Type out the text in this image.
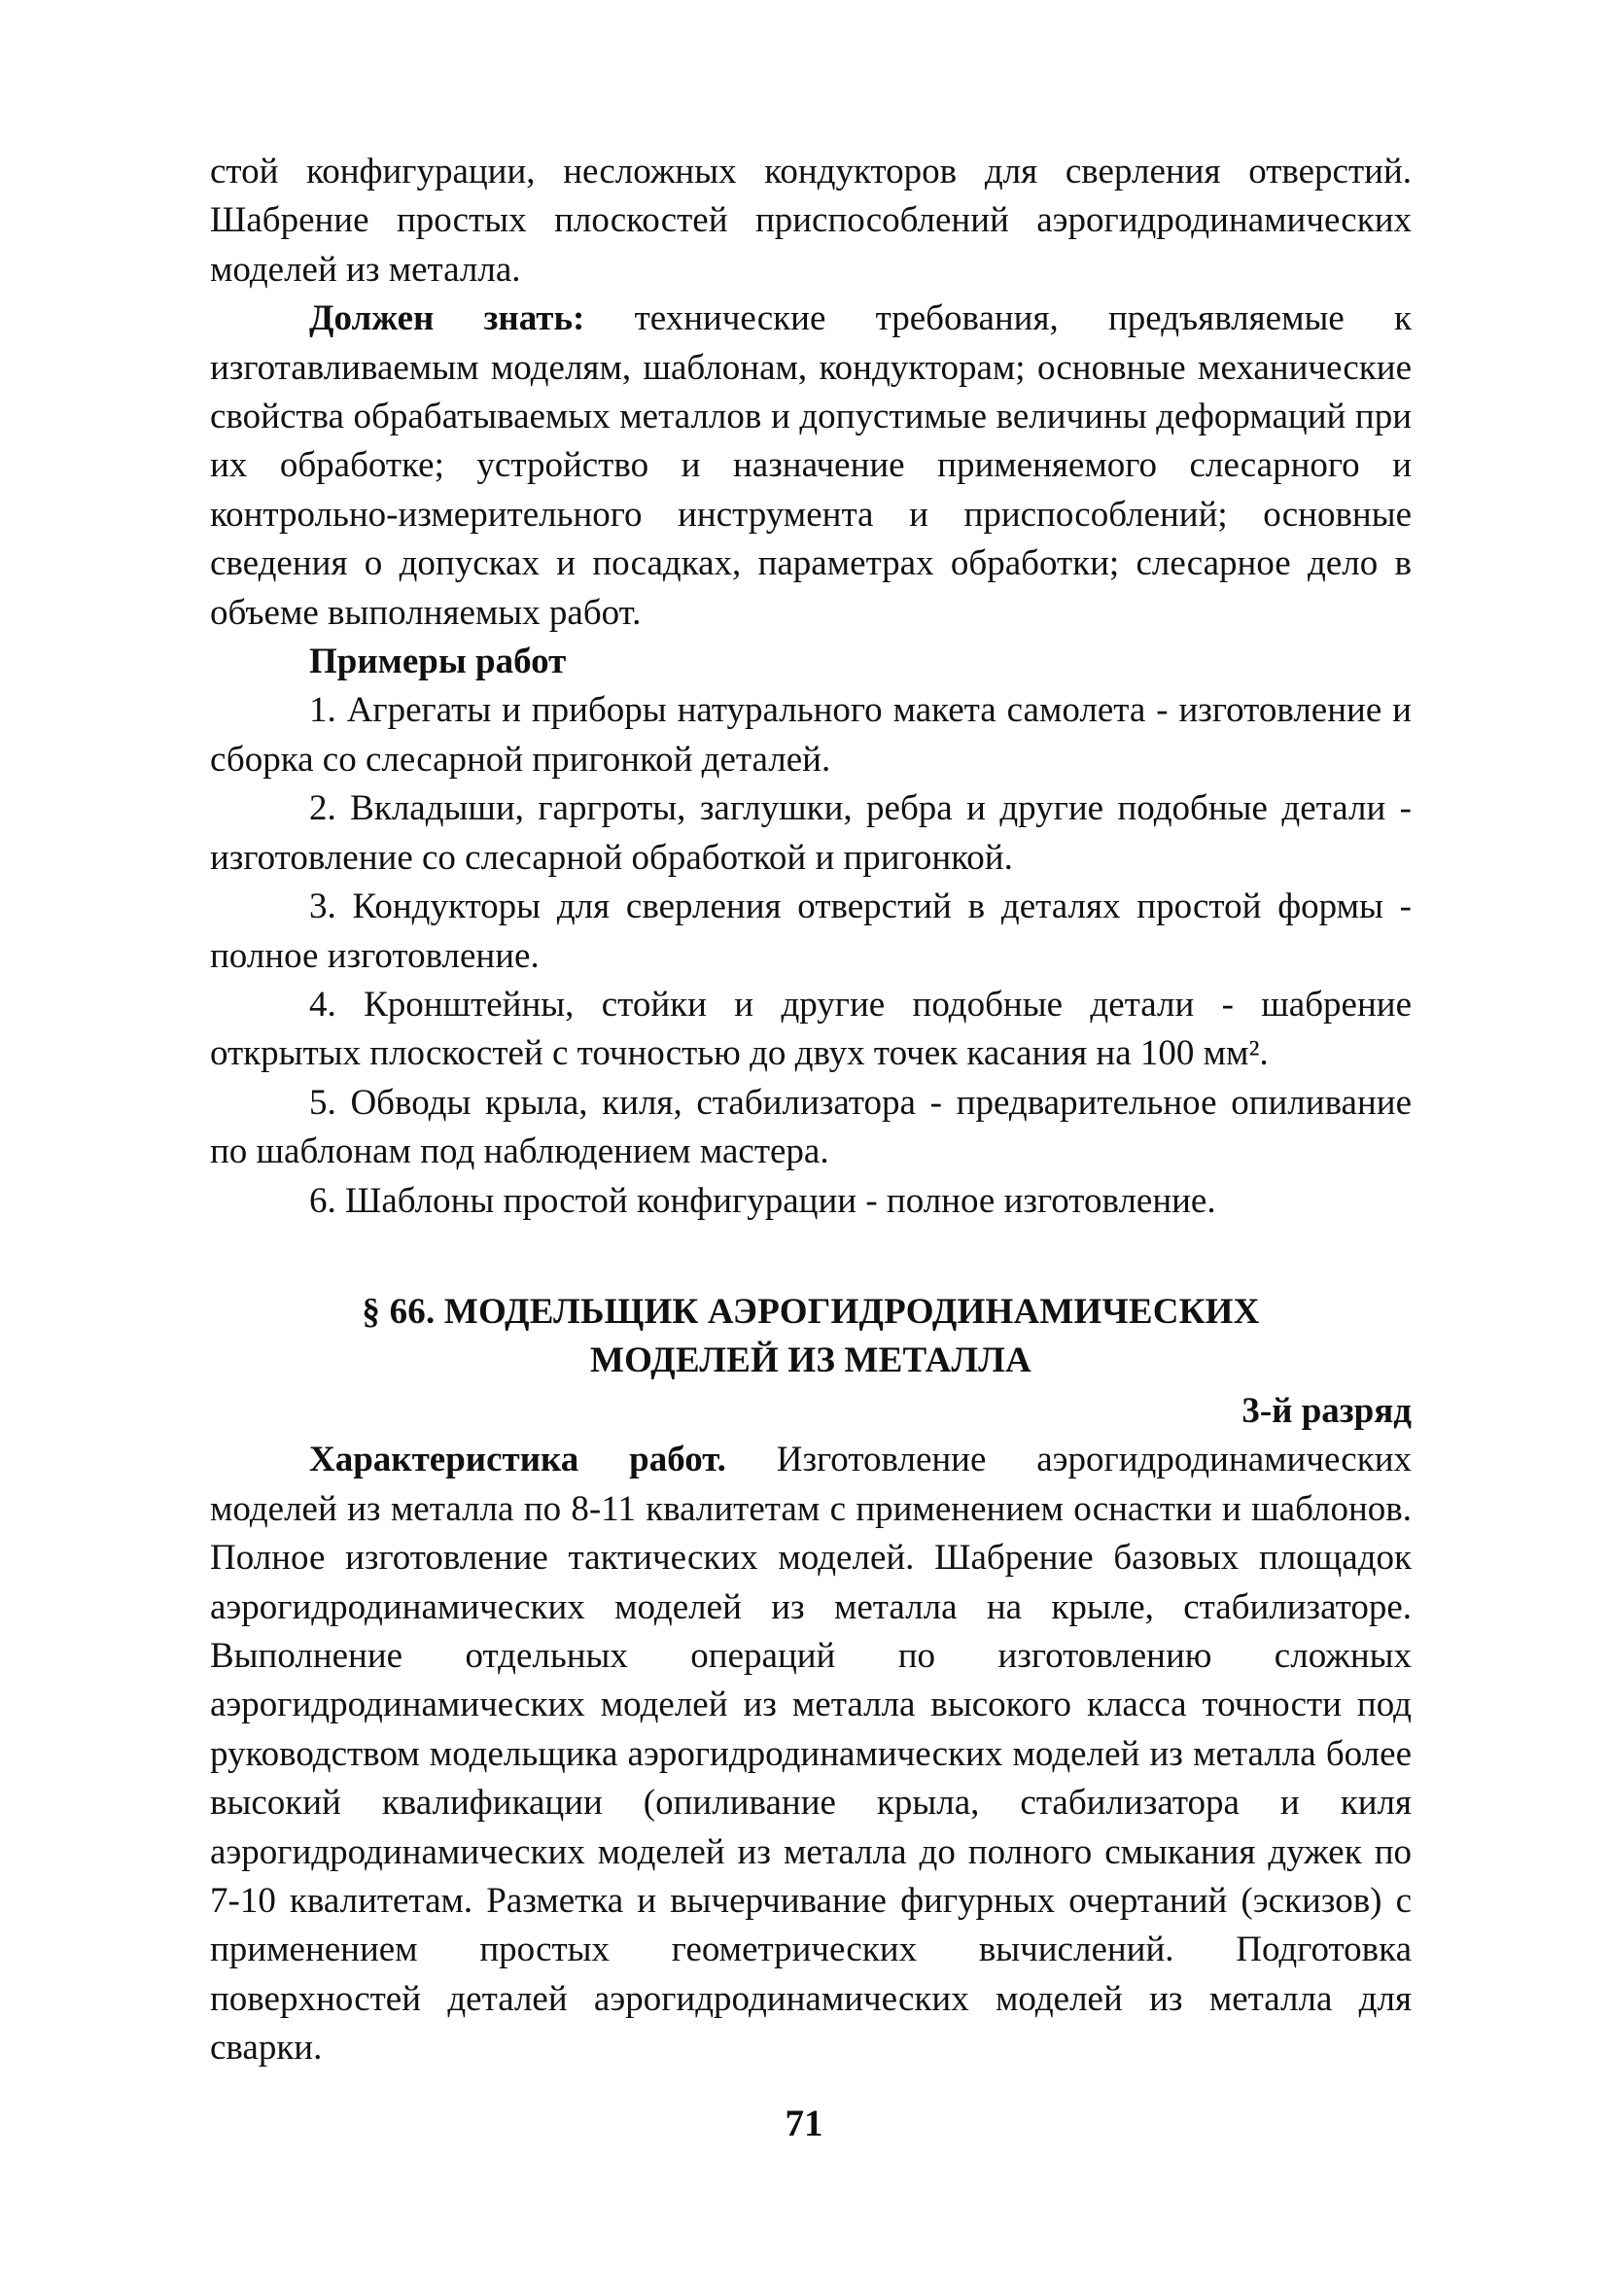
стой конфигурации, несложных кондукторов для сверления отверстий. Шабрение простых плоскостей приспособлений аэрогидродинамических моделей из металла.

Должен знать: технические требования, предъявляемые к изготавливаемым моделям, шаблонам, кондукторам; основные механические свойства обрабатываемых металлов и допустимые величины деформаций при их обработке; устройство и назначение применяемого слесарного и контрольно-измерительного инструмента и приспособлений; основные сведения о допусках и посадках, параметрах обработки; слесарное дело в объеме выполняемых работ.

Примеры работ

1. Агрегаты и приборы натурального макета самолета - изготовление и сборка со слесарной пригонкой деталей.

2. Вкладыши, гаргроты, заглушки, ребра и другие подобные детали - изготовление со слесарной обработкой и пригонкой.

3. Кондукторы для сверления отверстий в деталях простой формы - полное изготовление.

4. Кронштейны, стойки и другие подобные детали - шабрение открытых плоскостей с точностью до двух точек касания на 100 мм².

5. Обводы крыла, киля, стабилизатора - предварительное опиливание по шаблонам под наблюдением мастера.

6. Шаблоны простой конфигурации - полное изготовление.

§ 66. МОДЕЛЬЩИК АЭРОГИДРОДИНАМИЧЕСКИХ
МОДЕЛЕЙ ИЗ МЕТАЛЛА

3-й разряд

Характеристика работ. Изготовление аэрогидродинамических моделей из металла по 8-11 квалитетам с применением оснастки и шаблонов. Полное изготовление тактических моделей. Шабрение базовых площадок аэрогидродинамических моделей из металла на крыле, стабилизаторе. Выполнение отдельных операций по изготовлению сложных аэрогидродинамических моделей из металла высокого класса точности под руководством модельщика аэрогидродинамических моделей из металла более высокий квалификации (опиливание крыла, стабилизатора и киля аэрогидродинамических моделей из металла до полного смыкания дужек по 7-10 квалитетам. Разметка и вычерчивание фигурных очертаний (эскизов) с применением простых геометрических вычислений. Подготовка поверхностей деталей аэрогидродинамических моделей из металла для сварки.

71
